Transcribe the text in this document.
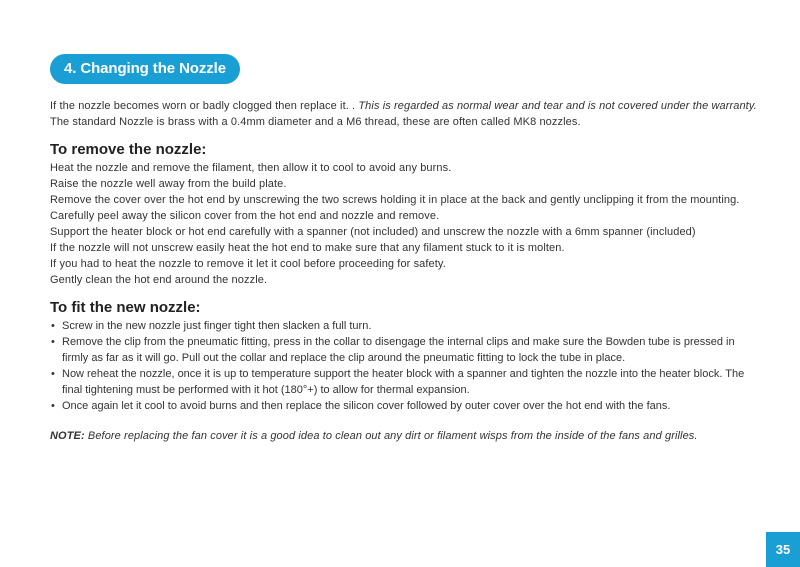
4. Changing the Nozzle

If the nozzle becomes worn or badly clogged then replace it. . This is regarded as normal wear and tear and is not covered under the warranty.

The standard Nozzle is brass with a 0.4mm diameter and a M6 thread, these are often called MK8 nozzles.

To remove the nozzle:

Heat the nozzle and remove the filament, then allow it to cool to avoid any burns.

Raise the nozzle well away from the build plate.

Remove the cover over the hot end by unscrewing the two screws holding it in place at the back and gently unclipping it from the mounting.

Carefully peel away the silicon cover from the hot end and nozzle and remove.

Support the heater block or hot end carefully with a spanner (not included) and unscrew the nozzle with a 6mm spanner (included)

If the nozzle will not unscrew easily heat the hot end to make sure that any filament stuck to it is molten.

If you had to heat the nozzle to remove it let it cool before proceeding for safety.

Gently clean the hot end around the nozzle.

To fit the new nozzle:
• Screw in the new nozzle just finger tight then slacken a full turn.
• Remove the clip from the pneumatic fitting, press in the collar to disengage the internal clips and make sure the Bowden tube is pressed in firmly as far as it will go. Pull out the collar and replace the clip around the pneumatic fitting to lock the tube in place.
• Now reheat the nozzle, once it is up to temperature support the heater block with a spanner and tighten the nozzle into the heater block. The final tightening must be performed with it hot (180°+) to allow for thermal expansion.
• Once again let it cool to avoid burns and then replace the silicon cover followed by outer cover over the hot end with the fans.

NOTE: Before replacing the fan cover it is a good idea to clean out any dirt or filament wisps from the inside of the fans and grilles.

35
